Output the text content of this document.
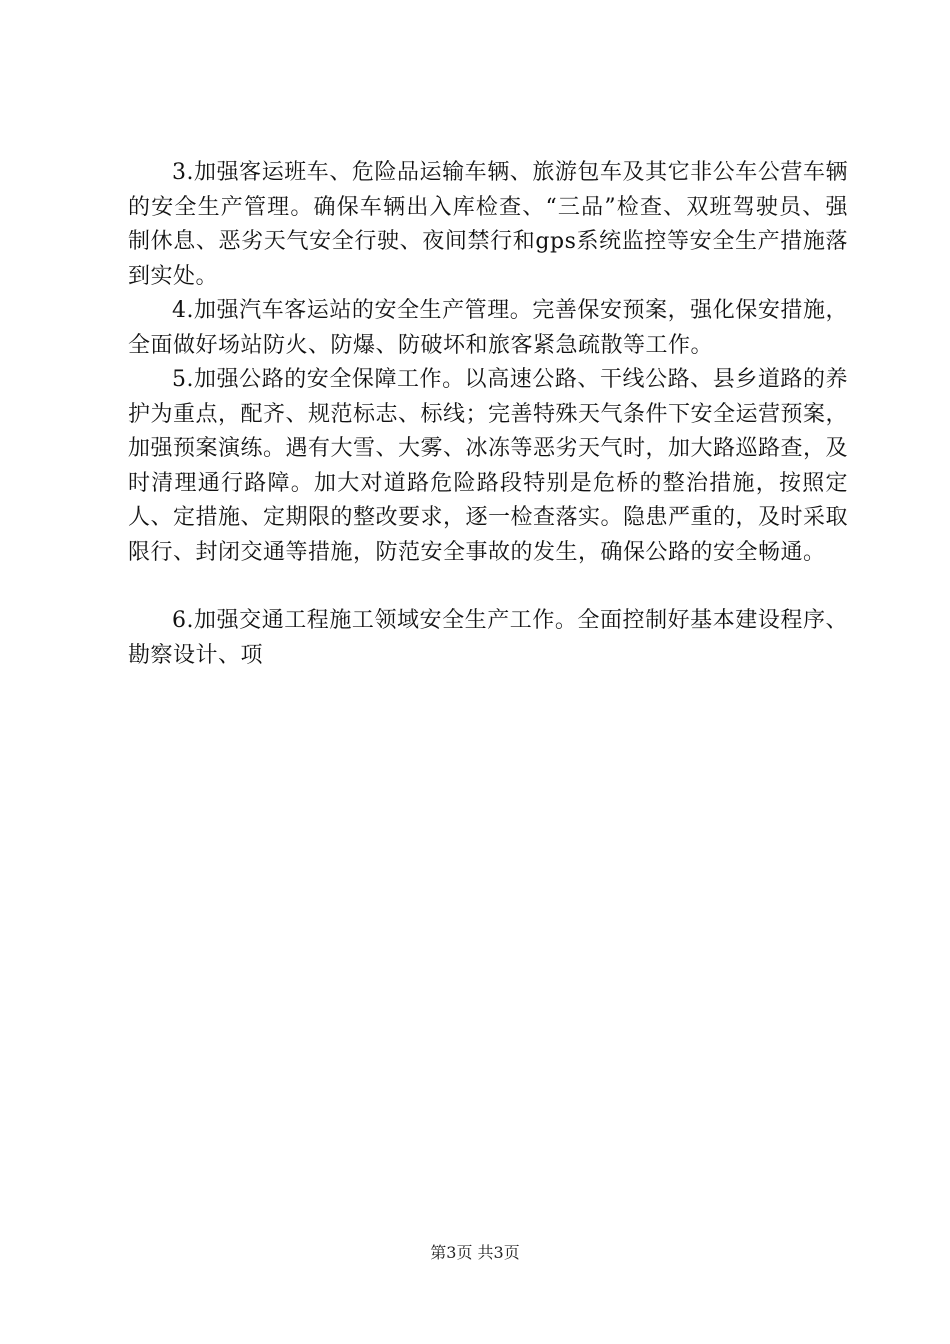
3.加强客运班车、危险品运输车辆、旅游包车及其它非公车公营车辆的安全生产管理。确保车辆出入库检查、“三品”检查、双班驾驶员、强制休息、恶劣天气安全行驶、夜间禁行和gps系统监控等安全生产措施落到实处。

4.加强汽车客运站的安全生产管理。完善保安预案，强化保安措施，全面做好场站防火、防爆、防破坏和旅客紧急疏散等工作。

5.加强公路的安全保障工作。以高速公路、干线公路、县乡道路的养护为重点，配齐、规范标志、标线；完善特殊天气条件下安全运营预案，加强预案演练。遇有大雪、大雾、冰冻等恶劣天气时，加大路巡路查，及时清理通行路障。加大对道路危险路段特别是危桥的整治措施，按照定人、定措施、定期限的整改要求，逐一检查落实。隐患严重的，及时采取限行、封闭交通等措施，防范安全事故的发生，确保公路的安全畅通。

6.加强交通工程施工领域安全生产工作。全面控制好基本建设程序、勘察设计、项

第3页 共3页
